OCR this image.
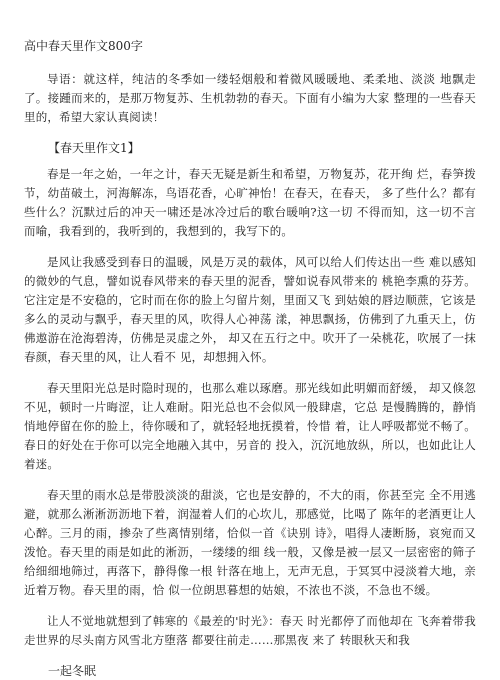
高中春天里作文800字
导语：就这样，纯洁的冬季如一缕轻烟般和着微风暖暖地、柔柔地、淡淡 地飘走了。接踵而来的，是那万物复苏、生机勃勃的春天。下面有小编为大家 整理的一些春天里的，希望大家认真阅读！
【春天里作文1】
春是一年之始，一年之计，春天无疑是新生和希望，万物复苏，花开绚 烂，春笋拨节，幼苗破土，河海解冻，鸟语花香，心旷神怡！在春天，在春天， 多了些什么？都有些什么？沉默过后的冲天一啸还是冰冷过后的歌台暖响?这一切 不得而知，这一切不言而喻，我看到的，我听到的，我想到的，我写下的。
是风让我感受到春日的温暖，风是万灵的载体，风可以给人们传达出一些 难以感知的微妙的气息，譬如说春风带来的春天里的泥香，譬如说春风带来的 桃艳李熏的芬芳。它注定是不安稳的，它时而在你的脸上匀留片刻，里面又飞 到姑娘的唇边顺蔗，它该是多么的灵动与飘乎，春天里的风，吹得人心神荡 漾，神思飘扬，仿佛到了九重天上，仿佛遨游在沧海碧涛，仿佛是灵虚之外， 却又在五行之中。吹开了一朵桃花，吹展了一抹春颜，春天里的风，让人看不 见，却想拥入怀。
春天里阳光总是时隐时现的，也那么难以琢磨。那光线如此明媚而舒缓， 却又倏忽不见，顿时一片晦涩，让人难耐。阳光总也不会似风一般肆虐，它总 是慢腾腾的，静悄悄地停留在你的脸上，待你暖和了，就轻轻地抚摸着，怜惜 着，让人呼吸都觉不畅了。春日的好处在于你可以完全地融入其中，另音的 投入，沉沉地放纵，所以，也如此让人着迷。
春天里的雨水总是带股淡淡的甜淡，它也是安静的，不大的雨，你甚至完 全不用逃避，就那么淅淅沥沥地下着，润湿着人们的心坎儿，那感觉，比喝了 陈年的老酒更让人心醉。三月的雨，掺杂了些离情别绪，恰似一首《诀别 诗》，唱得人凄断肠，哀宛而又泼怆。春天里的雨是如此的淅沥，一缕缕的细 线一般，又像是被一层又一层密密的筛子给细细地筛过，再落下，静得像一根 针落在地上，无声无息，于冥冥中浸淡着大地，亲近着万物。春天里的雨，恰 似一位朗思暮想的姑娘，不浓也不淡，不急也不缓。
让人不觉地就想到了韩寒的《最差的'时光》：春天 时光都停了而他却在 飞奔着带我走世界的尽头南方风雪北方堕落 都要往前走……那黑夜 来了 转眼秋天和我
一起冬眠
